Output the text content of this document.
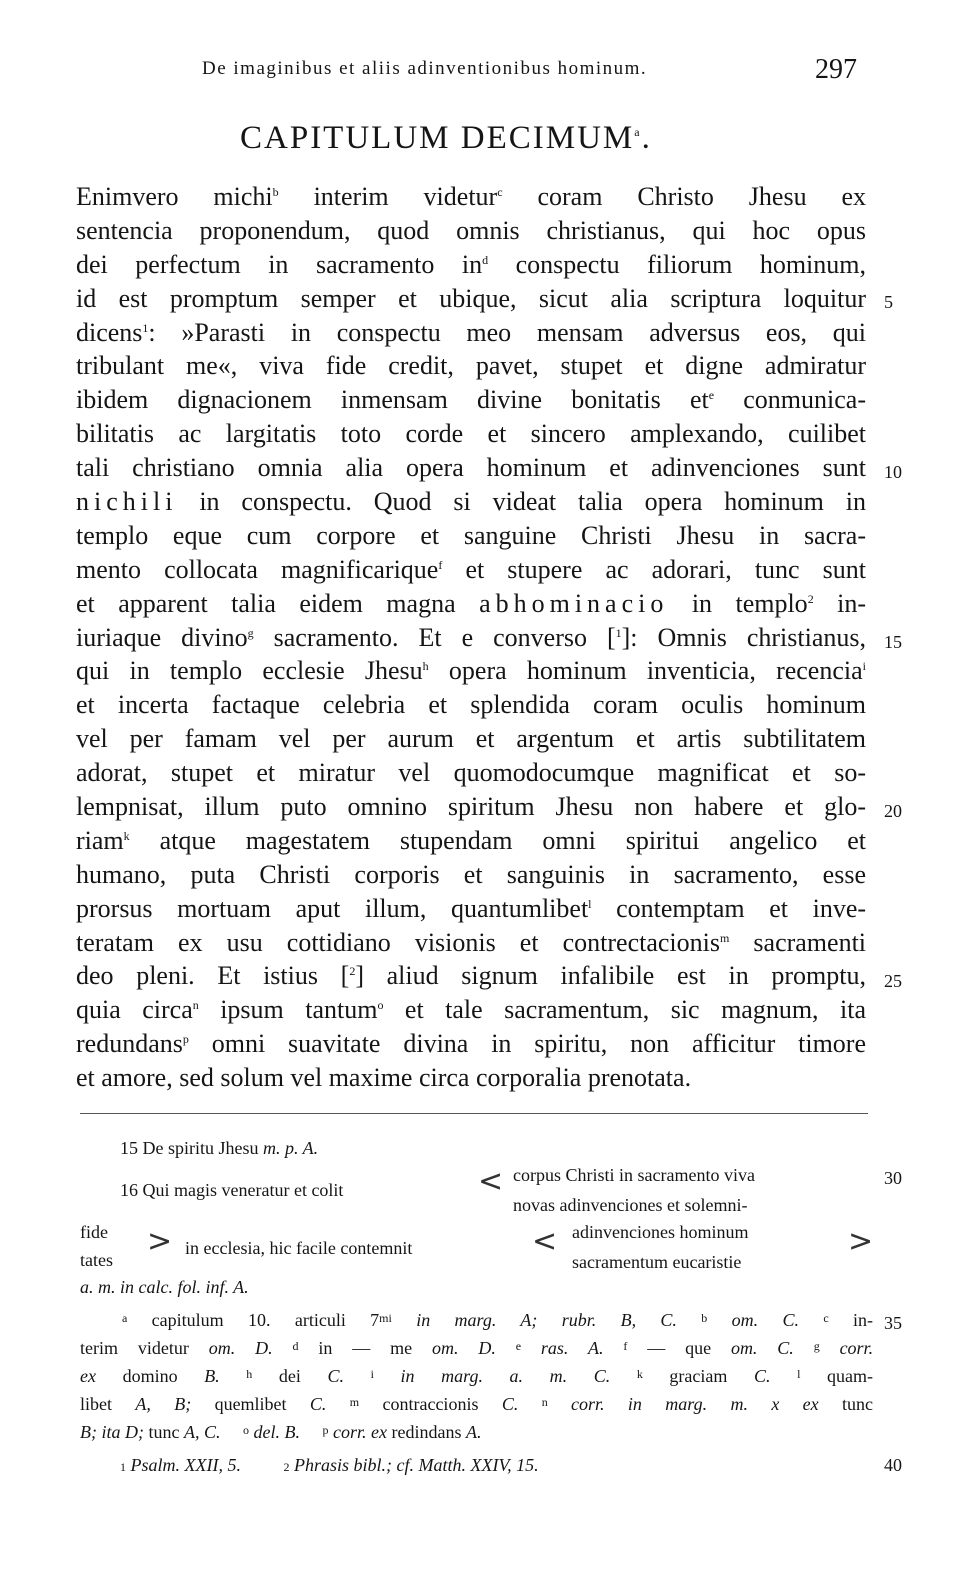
De imaginibus et aliis adinventionibus hominum.	297
CAPITULUM DECIMUM$^a$.
Enimvero michi$^b$ interim videtur$^c$ coram Christo Jhesu ex
sentencia proponendum, quod omnis christianus, qui hoc opus
dei perfectum in sacramento $in^d$ conspectu filiorum hominum,
id est promptum semper et ubique, sicut alia scriptura loquitur
dicens$^1$: »Parasti in conspectu meo mensam adversus eos, qui
tribulant me«, viva fide credit, pavet, stupet et digne admiratur
ibidem dignacionem inmensam divine bonitatis $et^e$ conmunica-
bilitatis ac largitatis toto corde et sincero amplexando, cuilibet
tali christiano omnia alia opera hominum et adinvenciones sunt
nichili in conspectu. Quod si videat talia opera hominum in
templo eque cum corpore et sanguine Christi Jhesu in sacra-
mento collocata magnificarique$^f$ et stupere ac adorari, tunc sunt
et apparent talia eidem magna abhominacio in templo$^2$ in-
iuriaque divino$^g$ sacramento. Et e converso [$^1$]: Omnis christianus,
qui in templo ecclesie Jhesu$^h$ opera hominum inventicia, recencia$^i$
et incerta factaque celebria et splendida coram oculis hominum
vel per famam vel per aurum et argentum et artis subtilitatem
adorat, stupet et miratur vel quomodocumque magnificat et so-
lempnisat, illum puto omnino spiritum Jhesu non habere et glo-
riam$^k$ atque magestatem stupendam omni spiritui angelico et
humano, puta Christi corporis et sanguinis in sacramento, esse
prorsus mortuam aput illum, quantumlibet$^l$ contemptam et inve-
teratam ex usu cottidiano visionis et contrectacionis$^m$ sacramenti
deo pleni. Et istius [$^2$] aliud signum infalibile est in promptu,
quia circa$^n$ ipsum tantum$^o$ et tale sacramentum, sic magnum, ita
redundans$^p$ omni suavitate divina in spiritu, non afficitur timore
et amore, sed solum vel maxime circa corporalia prenotata.
5
10
15
20
25
30
35
40
15 De spiritu Jhesu m. p. A.
16 Qui magis veneratur et colit	< corpus Christi in sacramento viva
novas adinvenciones et solemni-
fide
tates
> in ecclesia, hic facile contemnit	< adinvenciones hominum
sacramentum eucaristie
>
a. m. in calc. fol. inf. A.
$^a$ capitulum 10. articuli $7^{mi}$ in marg. A; rubr. B, C. $^b$ om. C. $^c$ in-
terim videtur om. D. $^d$ in — me om. D. $^e$ ras. A. $^f$ — que om. C. $^g$ corr.
ex domino B. $^h$ dei C. $^i$ in marg. a. m. C. $^k$ graciam C. $^l$ quam-
libet A, B; quemlibet C. $^m$ contraccionis C. $^n$ corr. in marg. m. x ex tunc
B; ita D; tunc A, C. $^o$ del. B. $^p$ corr. ex redindans A.
$^1$ Psalm. XXII, 5.	$^2$ Phrasis bibl.; cf. Matth. XXIV, 15.
